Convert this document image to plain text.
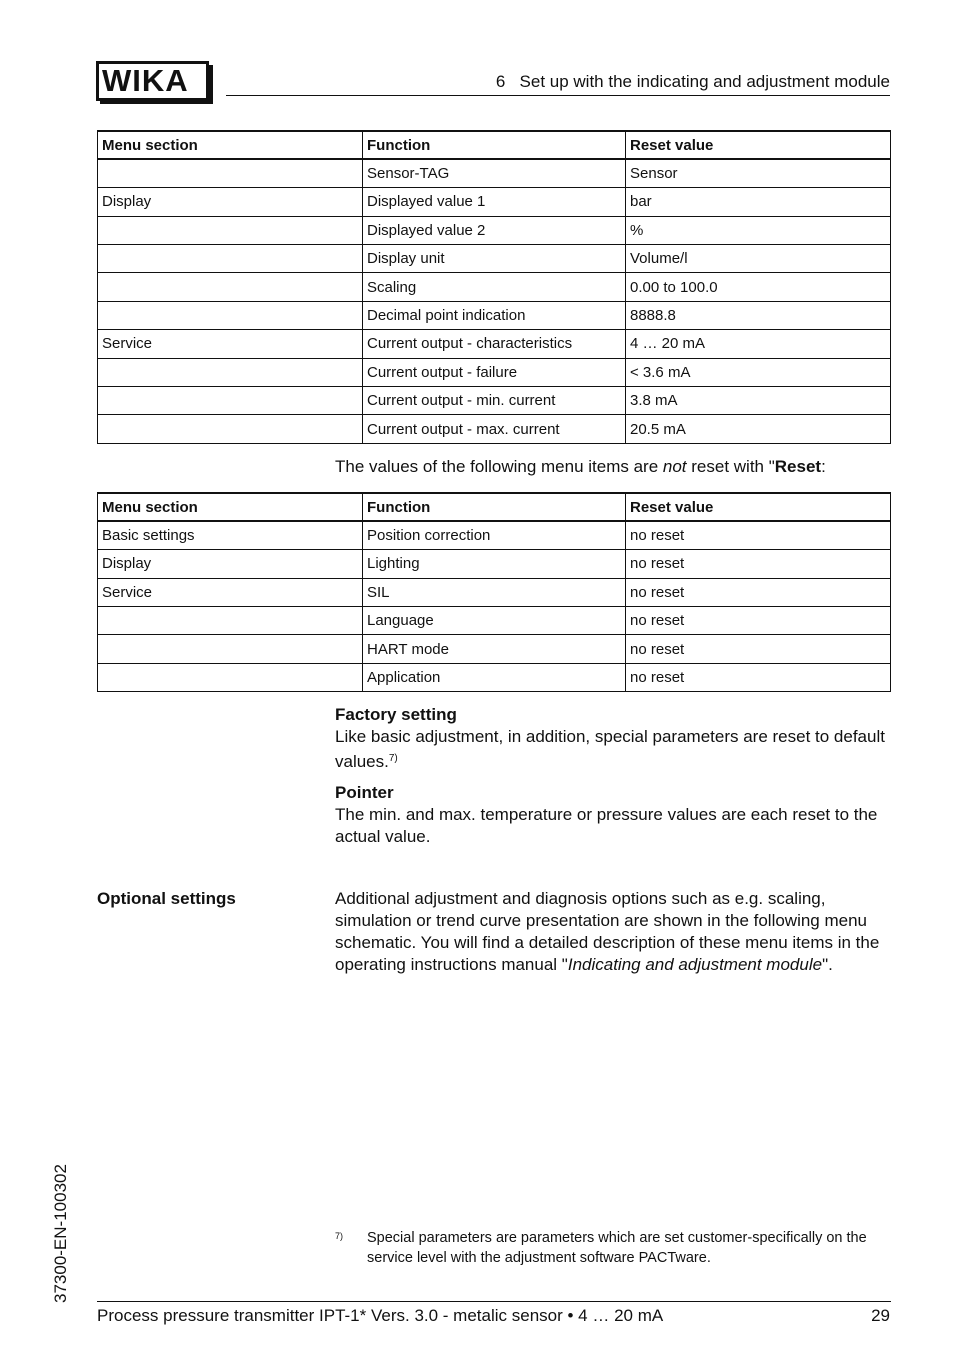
WIKA	6   Set up with the indicating and adjustment module
Menu section	Function	Reset value
	Sensor-TAG	Sensor
Display	Displayed value 1	bar
	Displayed value 2	%
	Display unit	Volume/l
	Scaling	0.00 to 100.0
	Decimal point indication	8888.8
Service	Current output - characteristics	4 … 20 mA
	Current output - failure	< 3.6 mA
	Current output - min. current	3.8 mA
	Current output - max. current	20.5 mA
The values of the following menu items are not reset with "Reset:
Menu section	Function	Reset value
Basic settings	Position correction	no reset
Display	Lighting	no reset
Service	SIL	no reset
	Language	no reset
	HART mode	no reset
	Application	no reset
Factory setting

Like basic adjustment, in addition, special parameters are reset to default values.$^{7)}$

Pointer

The min. and max. temperature or pressure values are each reset to the actual value.

Optional settings	Additional adjustment and diagnosis options such as e.g. scaling, simulation or trend curve presentation are shown in the following menu schematic. You will find a detailed description of these menu items in the operating instructions manual "Indicating and adjustment module".
7) Special parameters are parameters which are set customer-specifically on the service level with the adjustment software PACTware.
37300-EN-100302
Process pressure transmitter IPT-1* Vers. 3.0 - metalic sensor • 4 … 20 mA	29
